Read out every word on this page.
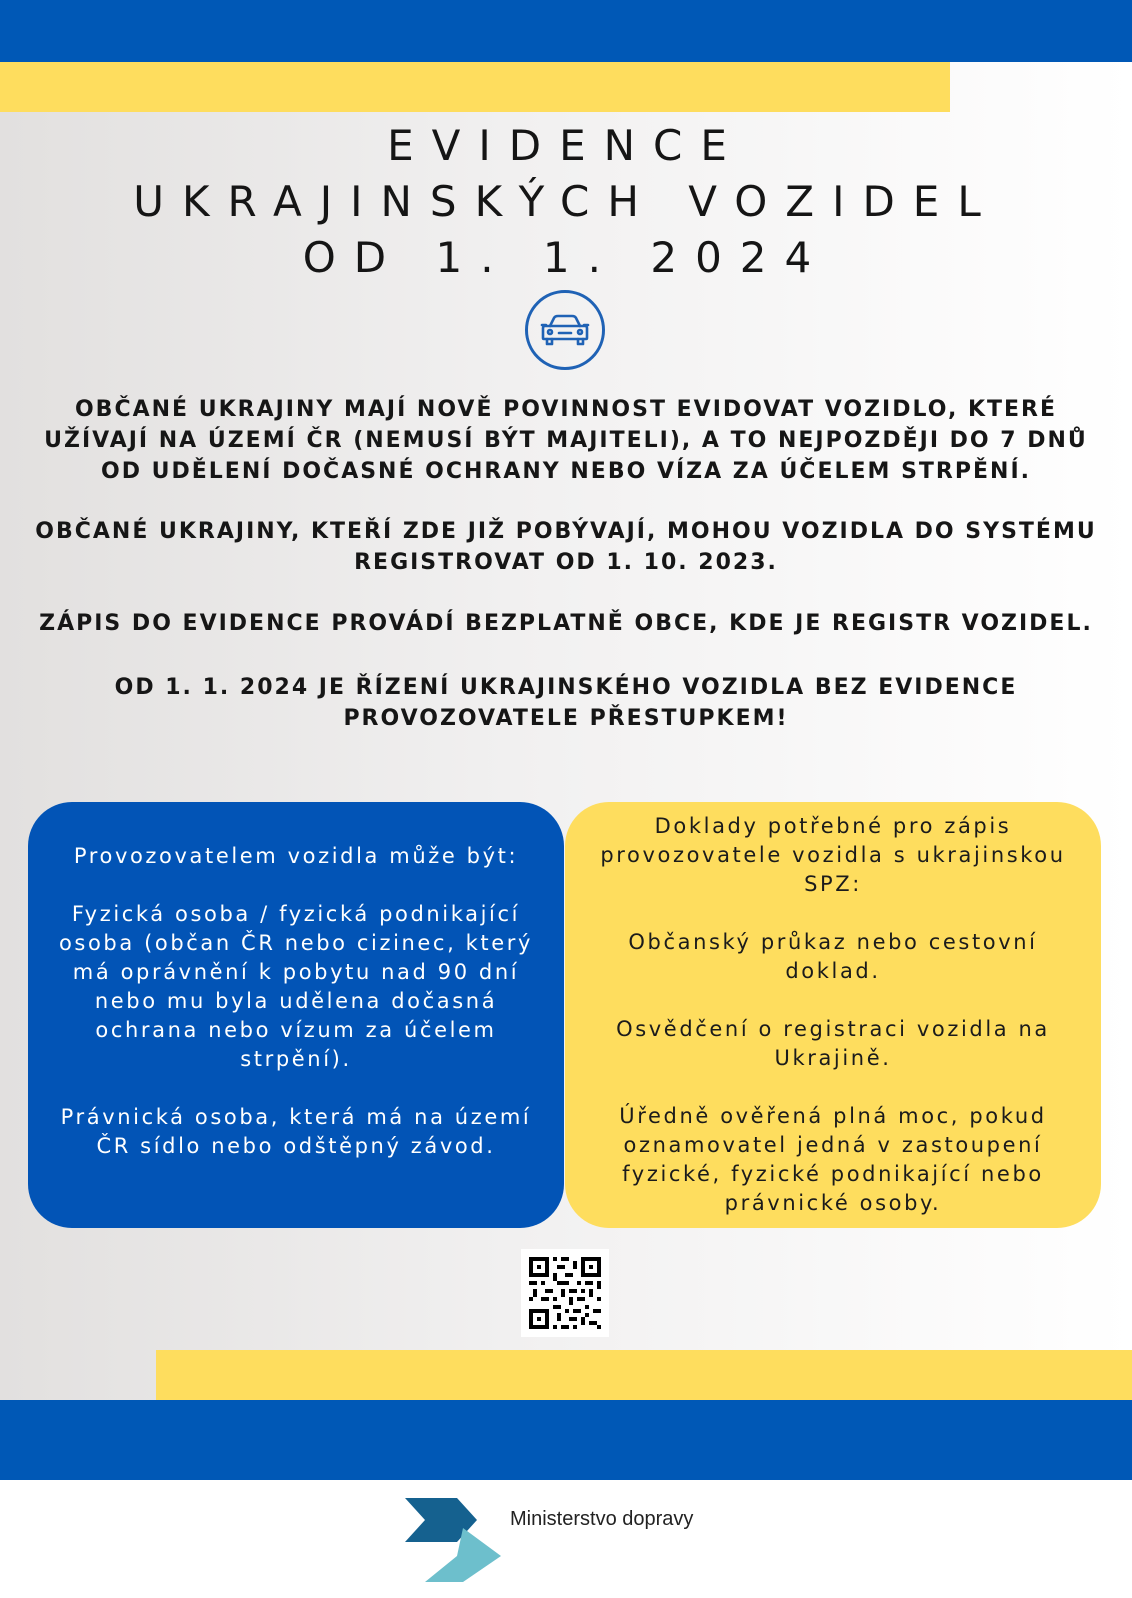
EVIDENCE
UKRAJINSKÝCH VOZIDEL
OD 1. 1. 2024

OBČANÉ UKRAJINY MAJÍ NOVĚ POVINNOST EVIDOVAT VOZIDLO, KTERÉ UŽÍVAJÍ NA ÚZEMÍ ČR (NEMUSÍ BÝT MAJITELI), A TO NEJPOZDĚJI DO 7 DNŮ OD UDĚLENÍ DOČASNÉ OCHRANY NEBO VÍZA ZA ÚČELEM STRPĚNÍ.

OBČANÉ UKRAJINY, KTEŘÍ ZDE JIŽ POBÝVAJÍ, MOHOU VOZIDLA DO SYSTÉMU REGISTROVAT OD 1. 10. 2023.

ZÁPIS DO EVIDENCE PROVÁDÍ BEZPLATNĚ OBCE, KDE JE REGISTR VOZIDEL.

OD 1. 1. 2024 JE ŘÍZENÍ UKRAJINSKÉHO VOZIDLA BEZ EVIDENCE PROVOZOVATELE PŘESTUPKEM!

Provozovatelem vozidla může být:

Fyzická osoba / fyzická podnikající osoba (občan ČR nebo cizinec, který má oprávnění k pobytu nad 90 dní nebo mu byla udělena dočasná ochrana nebo vízum za účelem strpění).

Právnická osoba, která má na území ČR sídlo nebo odštěpný závod.

Doklady potřebné pro zápis provozovatele vozidla s ukrajinskou SPZ:

Občanský průkaz nebo cestovní doklad.

Osvědčení o registraci vozidla na Ukrajině.

Úředně ověřená plná moc, pokud oznamovatel jedná v zastoupení fyzické, fyzické podnikající nebo právnické osoby.

Ministerstvo dopravy
